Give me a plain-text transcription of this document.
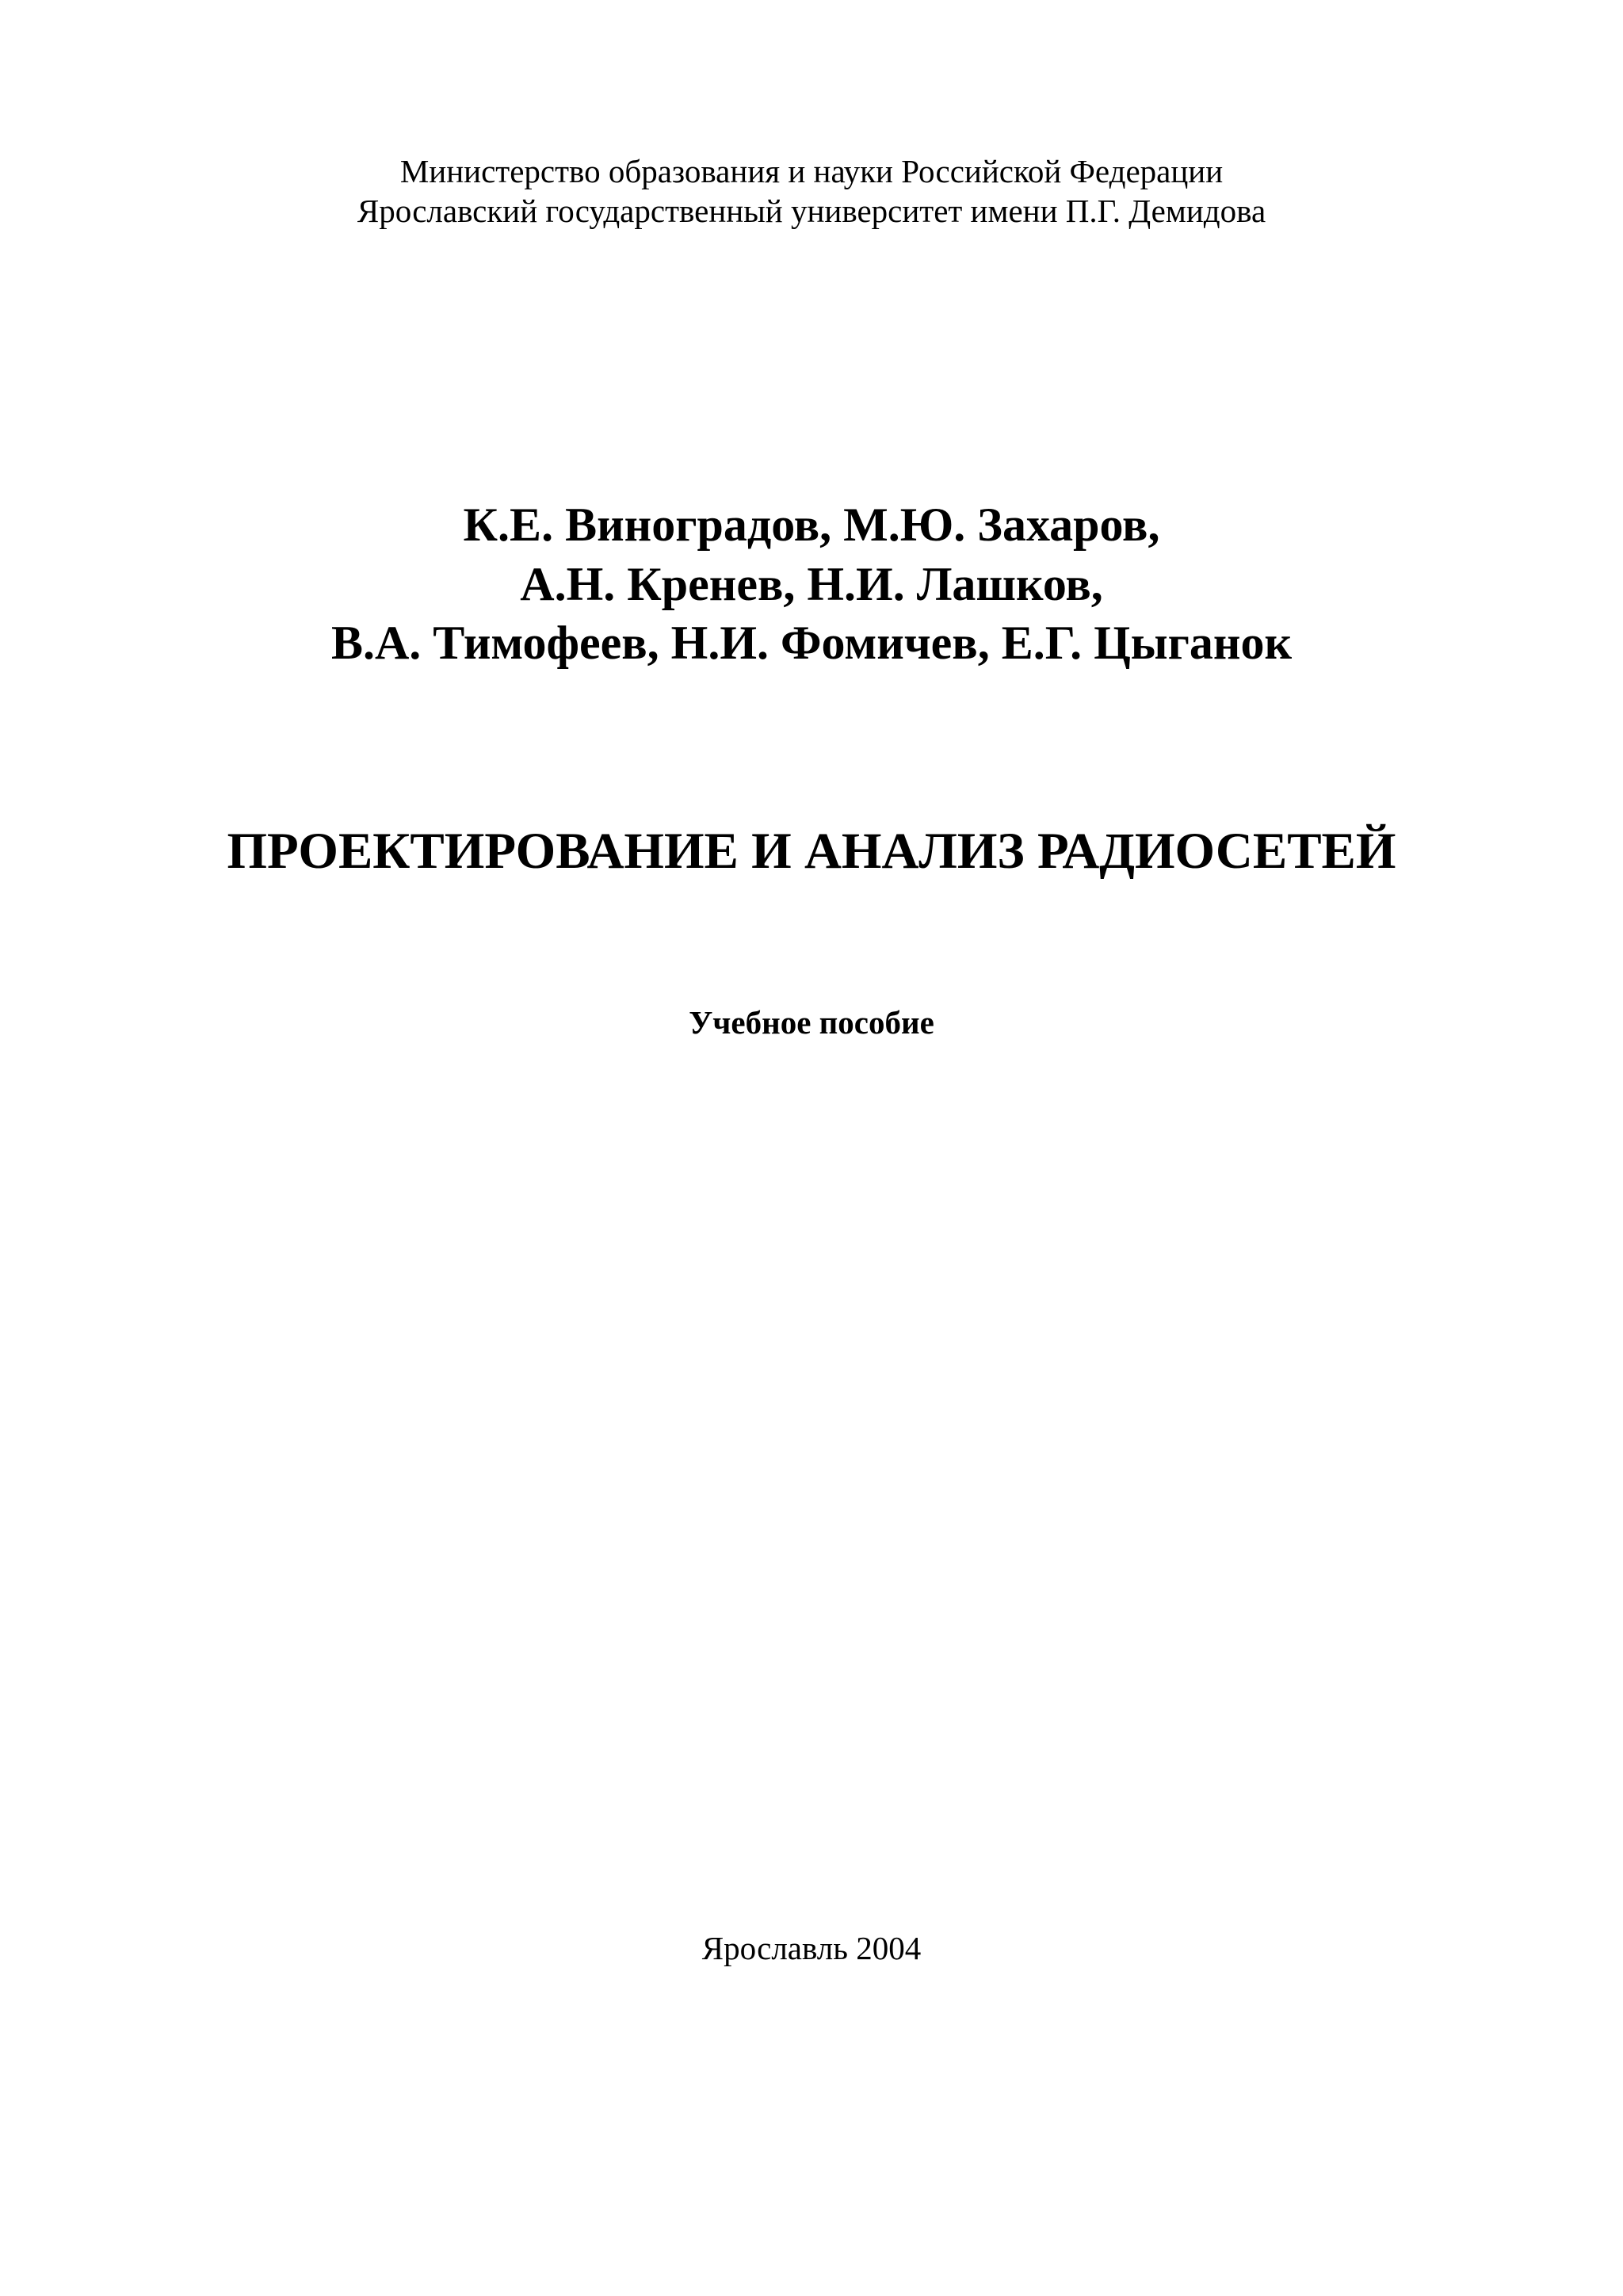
Министерство образования и науки Российской Федерации
Ярославский государственный университет имени П.Г. Демидова
К.Е. Виноградов, М.Ю. Захаров,
А.Н. Кренев, Н.И. Лашков,
В.А. Тимофеев, Н.И. Фомичев, Е.Г. Цыганок
ПРОЕКТИРОВАНИЕ И АНАЛИЗ РАДИОСЕТЕЙ
Учебное пособие
Ярославль 2004
